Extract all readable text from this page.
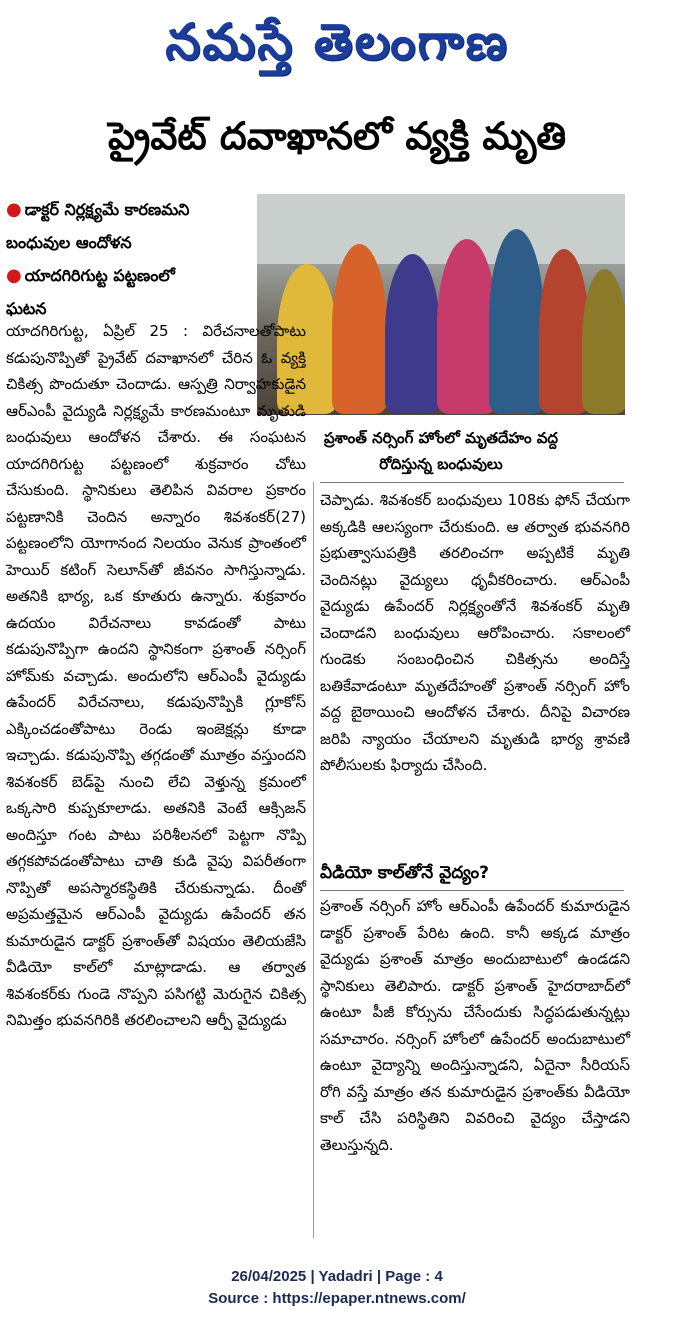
నమస్తే తెలంగాణ
ప్రైవేట్ దవాఖానలో వ్యక్తి మృతి
● డాక్టర్ నిర్లక్ష్యమే కారణమని
బంధువుల ఆందోళన
● యాదగిరిగుట్ట పట్టణంలో
ఘటన
ప్రశాంత్ నర్సింగ్ హోంలో మృతదేహం వద్ద
రోదిస్తున్న బంధువులు
యాదగిరిగుట్ట, ఏప్రిల్ 25 : విరేచనాలతోపాటు కడుపునొప్పితో ప్రైవేట్ దవాఖానలో చేరిన ఓ వ్యక్తి చికిత్స పొందుతూ చెందాడు. ఆస్పత్రి నిర్వాహకుడైన ఆర్‌ఎంపీ వైద్యుడి నిర్లక్ష్యమే కారణమంటూ మృతుడి బంధువులు ఆందోళన చేశారు. ఈ సంఘటన యాదగిరిగుట్ట పట్టణంలో శుక్రవారం చోటు చేసుకుంది. స్థానికులు తెలిపిన వివరాల ప్రకారం పట్టణానికి చెందిన అన్నారం శివశంకర్(27) పట్టణంలోని యోగానంద నిలయం వెనుక ప్రాంతంలో హెయిర్ కటింగ్ సెలూన్‌తో జీవనం సాగిస్తున్నాడు. అతనికి భార్య, ఒక కూతురు ఉన్నారు. శుక్రవారం ఉదయం విరేచనాలు కావడంతో పాటు కడుపునొప్పిగా ఉందని స్థానికంగా ప్రశాంత్ నర్సింగ్ హోమ్‌కు వచ్చాడు. అందులోని ఆర్‌ఎంపీ వైద్యుడు ఉపేందర్ విరేచనాలు, కడుపునొప్పికి గ్లూకోస్ ఎక్కించడంతోపాటు రెండు ఇంజెక్షన్లు కూడా ఇచ్చాడు. కడుపునొప్పి తగ్గడంతో మూత్రం వస్తుందని శివశంకర్ బెడ్‌పై నుంచి లేచి వెళ్తున్న క్రమంలో ఒక్కసారి కుప్పకూలాడు. అతనికి వెంటే ఆక్సిజన్ అందిస్తూ గంట పాటు పరిశీలనలో పెట్టగా నొప్పి తగ్గకపోవడంతోపాటు చాతి కుడి వైపు విపరీతంగా నొప్పితో అపస్మారకస్థితికి చేరుకున్నాడు. దీంతో అప్రమత్తమైన ఆర్‌ఎంపీ వైద్యుడు ఉపేందర్ తన కుమారుడైన డాక్టర్ ప్రశాంత్‌తో విషయం తెలియజేసి వీడియో కాల్‌లో మాట్లాడాడు. ఆ తర్వాత శివశంకర్‌కు గుండె నొప్పని పసిగట్టి మెరుగైన చికిత్స నిమిత్తం భువనగిరికి తరలించాలని ఆర్పీ వైద్యుడు
చెప్పాడు. శివశంకర్ బంధువులు 108కు ఫోన్ చేయగా అక్కడికి ఆలస్యంగా చేరుకుంది. ఆ తర్వాత భువనగిరి ప్రభుత్వాసుపత్రికి తరలించగా అప్పటికే మృతి చెందినట్లు వైద్యులు ధృవీకరించారు. ఆర్‌ఎంపీ వైద్యుడు ఉపేందర్ నిర్లక్ష్యంతోనే శివశంకర్ మృతి చెందాడని బంధువులు ఆరోపించారు. సకాలంలో గుండెకు సంబంధించిన చికిత్సను అందిస్తే బతికేవాడంటూ మృతదేహంతో ప్రశాంత్ నర్సింగ్ హోం వద్ద బైఠాయించి ఆందోళన చేశారు. దీనిపై విచారణ జరిపి న్యాయం చేయాలని మృతుడి భార్య శ్రావణి పోలీసులకు ఫిర్యాదు చేసింది.
వీడియో కాల్‌తోనే వైద్యం?
ప్రశాంత్ నర్సింగ్ హోం ఆర్‌ఎంపీ ఉపేందర్ కుమారుడైన డాక్టర్ ప్రశాంత్ పేరిట ఉంది. కానీ అక్కడ మాత్రం వైద్యుడు ప్రశాంత్ మాత్రం అందుబాటులో ఉండడని స్థానికులు తెలిపారు. డాక్టర్ ప్రశాంత్ హైదరాబాద్‌లో ఉంటూ పీజీ కోర్సును చేసేందుకు సిద్ధపడుతున్నట్లు సమాచారం. నర్సింగ్ హోంలో ఉపేందర్ అందుబాటులో ఉంటూ వైద్యాన్ని అందిస్తున్నాడని, ఏదైనా సీరియస్ రోగి వస్తే మాత్రం తన కుమారుడైన ప్రశాంత్‌కు వీడియో కాల్ చేసి పరిస్థితిని వివరించి వైద్యం చేస్తాడని తెలుస్తున్నది.
26/04/2025 | Yadadri | Page : 4
Source : https://epaper.ntnews.com/
